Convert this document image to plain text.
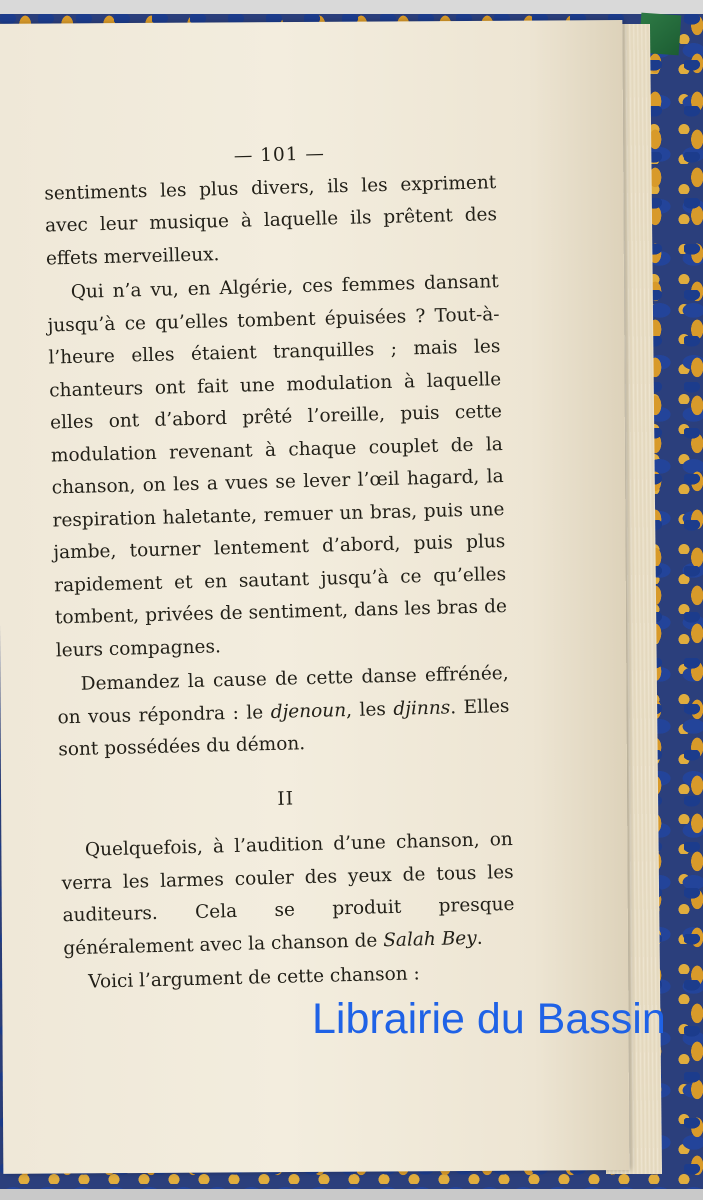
— 101 —

sentiments les plus divers, ils les expriment avec leur musique à laquelle ils prêtent des effets merveilleux.

Qui n’a vu, en Algérie, ces femmes dansant jusqu’à ce qu’elles tombent épuisées ? Tout-à-l’heure elles étaient tranquilles ; mais les chanteurs ont fait une modulation à laquelle elles ont d’abord prêté l’oreille, puis cette modulation revenant à chaque couplet de la chanson, on les a vues se lever l’œil hagard, la respiration haletante, remuer un bras, puis une jambe, tourner lentement d’abord, puis plus rapidement et en sautant jusqu’à ce qu’elles tombent, privées de sentiment, dans les bras de leurs compagnes.

Demandez la cause de cette danse effrénée, on vous répondra : le djenoun, les djinns. Elles sont possédées du démon.

II

Quelquefois, à l’audition d’une chanson, on verra les larmes couler des yeux de tous les auditeurs. Cela se produit presque généralement avec la chanson de Salah Bey.

Voici l’argument de cette chanson :

Librairie du Bassin
